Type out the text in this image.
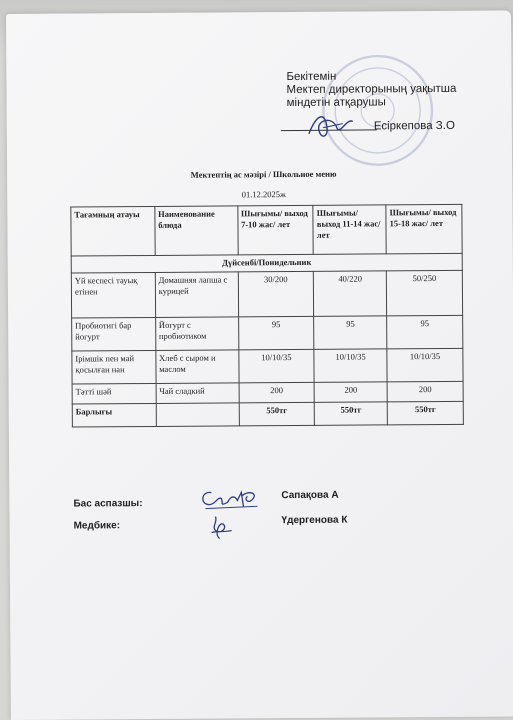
Бекітемін
Мектеп директорының уақытша
міндетін атқарушы
Есіркепова З.О
Мектептің ас мәзірі / Школьное меню
01.12.2025ж
Тағамның атауы	Наименование блюда	Шығымы/ выход 7-10 жас/ лет	Шығымы/ выход 11-14 жас/ лет	Шығымы/ выход 15-18 жас/ лет
Дүйсенбі/Понидельник				
Үй кеспесі тауық етінен	Домашняя лапша с курицей	30/200	40/220	50/250
Пробиотигі бар йогурт	Йогурт с пробиотиком	95	95	95
Ірімшік пен май қосылған нан	Хлеб с сыром и маслом	10/10/35	10/10/35	10/10/35
Тәтті шәй	Чай сладкий	200	200	200
Барлығы		550тг	550тг	550тг
Бас аспазшы:
Медбике:
Сапақова А
Үдергенова К
